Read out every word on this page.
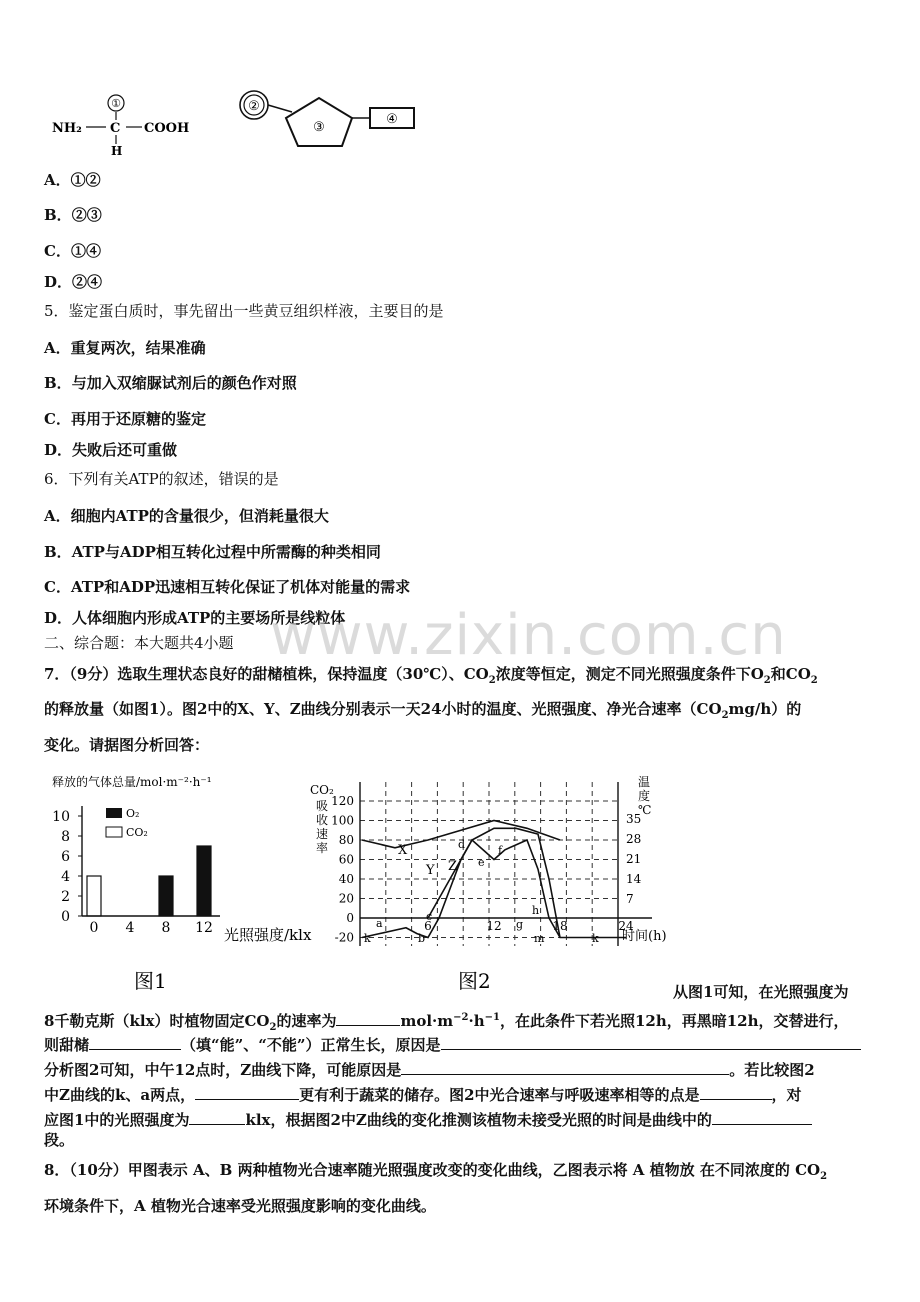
①
NH₂ C COOH
H
②
③
④
A．①②
B．②③
C．①④
D．②④
5．鉴定蛋白质时，事先留出一些黄豆组织样液，主要目的是
A．重复两次，结果准确
B．与加入双缩脲试剂后的颜色作对照
C．再用于还原糖的鉴定
D．失败后还可重做
6．下列有关ATP的叙述，错误的是
A．细胞内ATP的含量很少，但消耗量很大
B．ATP与ADP相互转化过程中所需酶的种类相同
C．ATP和ADP迅速相互转化保证了机体对能量的需求
D．人体细胞内形成ATP的主要场所是线粒体
www.zixin.com.cn
二、综合题：本大题共4小题
7．（9分）选取生理状态良好的甜槠植株，保持温度（30℃）、$CO_2$浓度等恒定，测定不同光照强度条件下$O_2$和$CO_2$
的释放量（如图1）。图2中的X、Y、Z曲线分别表示一天24小时的温度、光照强度、净光合速率$(CO_2mg/h)$的
变化。请据图分析回答：
释放的气体总量/mol·m⁻²·h⁻¹
0
2
4
6
8
10
0 4 8 12
O₂
CO₂
光照强度/klx
图1
CO₂
吸
收
速
率
-20
0
20
40
60
80
100
120
7
14
21
28
35
6	12	18	24
温
度
℃
时间(h)
a
b
c
d
e
f
g
h
k	m	k
X
Y Z
图2	从图1可知，在光照强度为
8千勒克斯（klx）时植物固定$CO_2$的速率为	$mol\cdot m^{-2}\cdot h^{-1}$，在此条件下若光照12h，再黑暗12h，交替进行，
则甜槠	（填“能”、“不能”）正常生长，原因是
分析图2可知，中午12点时，Z曲线下降，可能原因是	。若比较图2
中Z曲线的k、a两点，	更有利于蔬菜的储存。图2中光合速率与呼吸速率相等的点是	，对
应图1中的光照强度为	klx，根据图2中Z曲线的变化推测该植物未接受光照的时间是曲线中的
段。
8．（10分）甲图表示 A、B 两种植物光合速率随光照强度改变的变化曲线，乙图表示将 A 植物放 在不同浓度的 $CO_2$
环境条件下，A 植物光合速率受光照强度影响的变化曲线。
